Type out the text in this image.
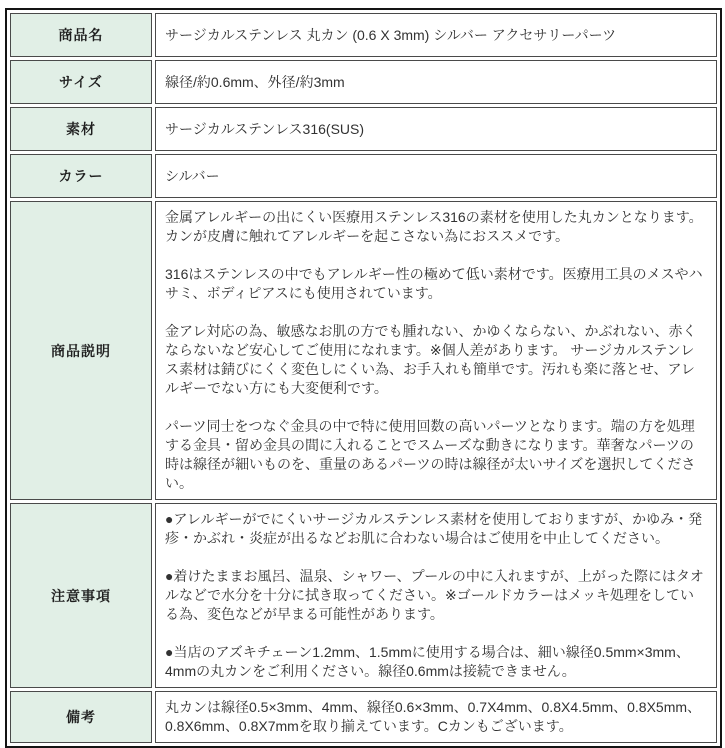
商品名	サージカルステンレス 丸カン (0.6 X 3mm) シルバー アクセサリーパーツ

サイズ	線径/約0.6mm、外径/約3mm

素材	サージカルステンレス316(SUS)

カラー	シルバー

商品説明	金属アレルギーの出にくい医療用ステンレス316の素材を使用した丸カンとなります。カンが皮膚に触れてアレルギーを起こさない為におススメです。

316はステンレスの中でもアレルギー性の極めて低い素材です。医療用工具のメスやハサミ、ボディピアスにも使用されています。

金アレ対応の為、敏感なお肌の方でも腫れない、かゆくならない、かぶれない、赤くならないなど安心してご使用になれます。※個人差があります。 サージカルステンレス素材は錆びにくく変色しにくい為、お手入れも簡単です。汚れも楽に落とせ、アレルギーでない方にも大変便利です。

パーツ同士をつなぐ金具の中で特に使用回数の高いパーツとなります。端の方を処理する金具・留め金具の間に入れることでスムーズな動きになります。華奢なパーツの時は線径が細いものを、重量のあるパーツの時は線径が太いサイズを選択してください。

注意事項	●アレルギーがでにくいサージカルステンレス素材を使用しておりますが、かゆみ・発疹・かぶれ・炎症が出るなどお肌に合わない場合はご使用を中止してください。

●着けたままお風呂、温泉、シャワー、プールの中に入れますが、上がった際にはタオルなどで水分を十分に拭き取ってください。※ゴールドカラーはメッキ処理をしている為、変色などが早まる可能性があります。

●当店のアズキチェーン1.2mm、1.5mmに使用する場合は、細い線径0.5mm×3mm、4mmの丸カンをご利用ください。線径0.6mmは接続できません。

備考	丸カンは線径0.5×3mm、4mm、線径0.6×3mm、0.7X4mm、0.8X4.5mm、0.8X5mm、0.8X6mm、0.8X7mmを取り揃えています。Cカンもございます。
